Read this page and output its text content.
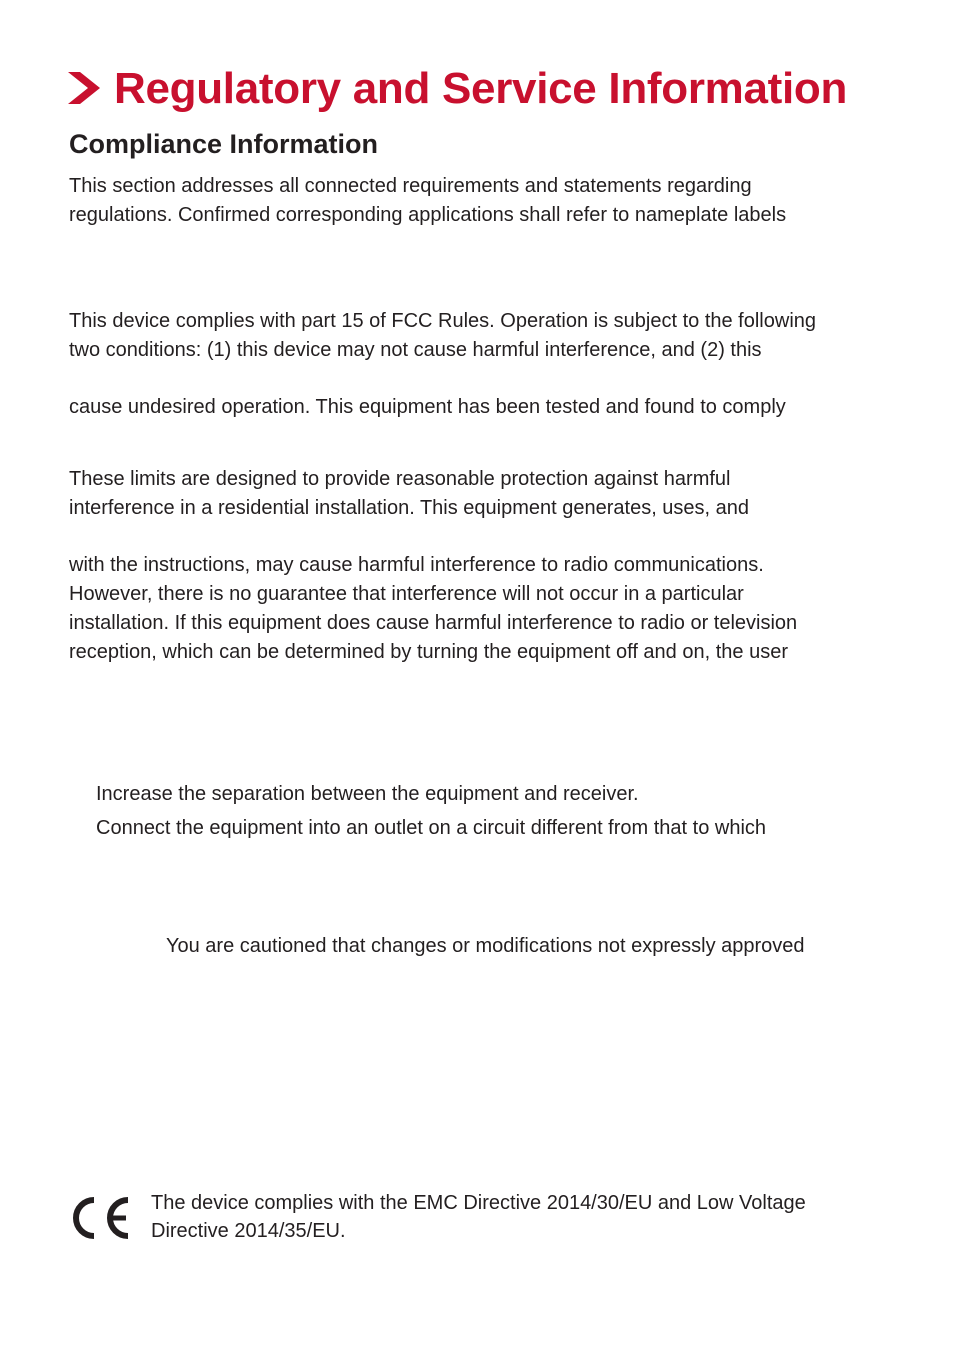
Regulatory and Service Information
Compliance Information
This section addresses all connected requirements and statements regarding
regulations. Confirmed corresponding applications shall refer to nameplate labels
This device complies with part 15 of FCC Rules. Operation is subject to the following
two conditions: (1) this device may not cause harmful interference, and (2) this
cause undesired operation. This equipment has been tested and found to comply
These limits are designed to provide reasonable protection against harmful
interference in a residential installation. This equipment generates, uses, and
with the instructions, may cause harmful interference to radio communications.
However, there is no guarantee that interference will not occur in a particular
installation. If this equipment does cause harmful interference to radio or television
reception, which can be determined by turning the equipment off and on, the user
Increase the separation between the equipment and receiver.
Connect the equipment into an outlet on a circuit different from that to which
You are cautioned that changes or modifications not expressly approved
The device complies with the EMC Directive 2014/30/EU and Low Voltage
Directive 2014/35/EU.
